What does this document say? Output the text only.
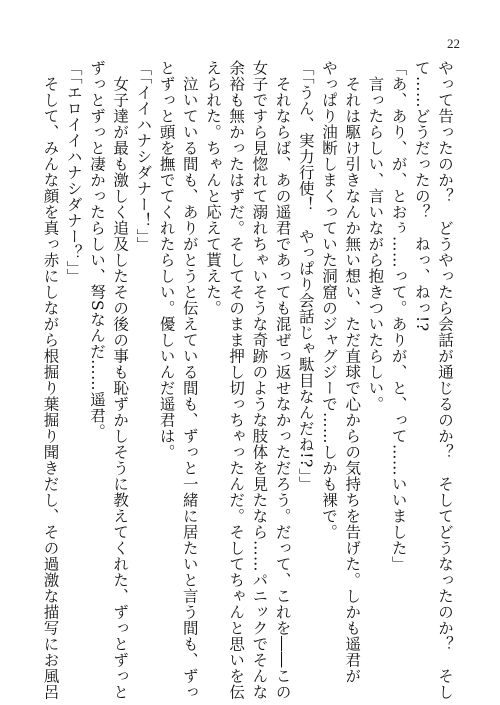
22
やって告ったのか？　どうやったら会話が通じるのか？　そしてどうなったのか？　そし
て……どうだったの？　ねっ、ねっ!?
「あ、あり、が、とおぅ……って。ありが、と、って……いいました」
　言ったらしい、言いながら抱きついたらしい。
　それは駆け引きなんか無い想い、ただ直球で心からの気持ちを告げた。しかも遥君が
やっぱり油断しまくっていた洞窟のジャグジーで……しかも裸で。
「「うん、実力行使！　やっぱり会話じゃ駄目なんだね!?」」
　それならば、あの遥君であっても混ぜっ返せなかっただろう。だって、これを――この
女子ですら見惚れて溺れちゃいそうな奇跡のような肢体を見たなら……パニックでそんな
余裕も無かったはずだ。そしてそのまま押し切っちゃったんだ。そしてちゃんと思いを伝
えられた。ちゃんと応えて貰えた。
　泣いている間も、ありがとうと伝えている間も、ずっと一緒に居たいと言う間も、ずっ
とずっと頭を撫でてくれたらしい。優しいんだ遥君は。
「「イイハナシダナー！」」
　女子達が最も激しく追及したその後の事も恥ずかしそうに教えてくれた、ずっとずっと
ずっとずっと凄かったらしい、弩Sなんだ……遥君。
「「エロイイハナシダナー？」」
　そして、みんな顔を真っ赤にしながら根掘り葉掘り聞きだし、その過激な描写にお風呂
